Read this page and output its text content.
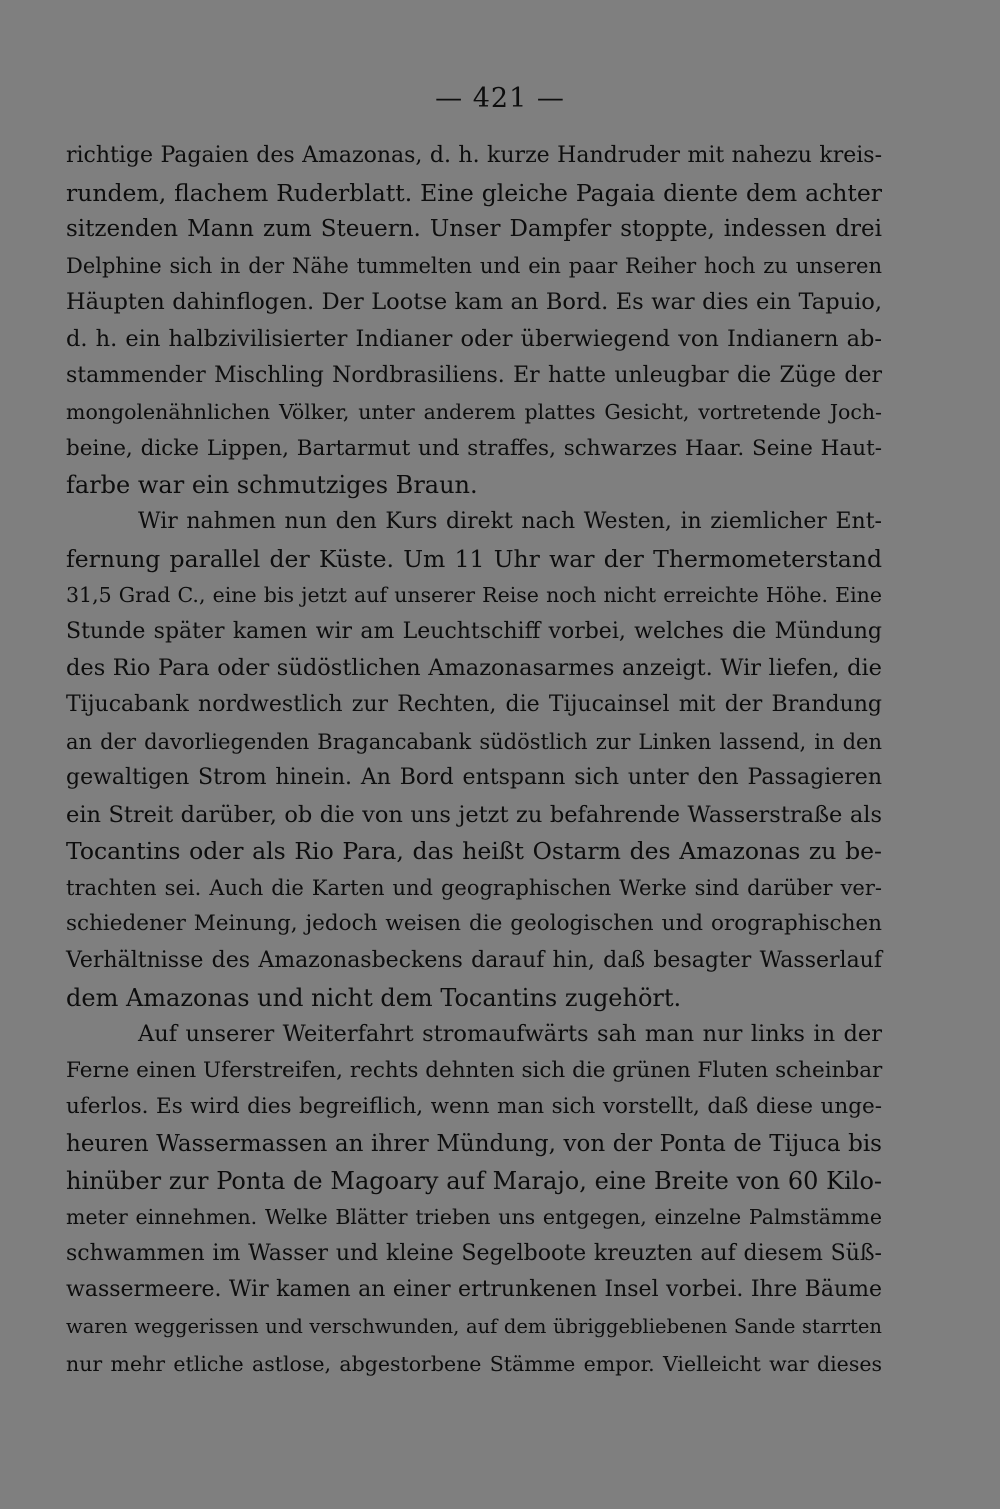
— 421 —
richtige Pagaien des Amazonas, d. h. kurze Handruder mit nahezu kreis-
rundem, flachem Ruderblatt. Eine gleiche Pagaia diente dem achter
sitzenden Mann zum Steuern. Unser Dampfer stoppte, indessen drei
Delphine sich in der Nähe tummelten und ein paar Reiher hoch zu unseren
Häupten dahinflogen. Der Lootse kam an Bord. Es war dies ein Tapuio,
d. h. ein halbzivilisierter Indianer oder überwiegend von Indianern ab-
stammender Mischling Nordbrasiliens. Er hatte unleugbar die Züge der
mongolenähnlichen Völker, unter anderem plattes Gesicht, vortretende Joch-
beine, dicke Lippen, Bartarmut und straffes, schwarzes Haar. Seine Haut-
farbe war ein schmutziges Braun.
Wir nahmen nun den Kurs direkt nach Westen, in ziemlicher Ent-
fernung parallel der Küste. Um 11 Uhr war der Thermometerstand
31,5 Grad C., eine bis jetzt auf unserer Reise noch nicht erreichte Höhe. Eine
Stunde später kamen wir am Leuchtschiff vorbei, welches die Mündung
des Rio Para oder südöstlichen Amazonasarmes anzeigt. Wir liefen, die
Tijucabank nordwestlich zur Rechten, die Tijucainsel mit der Brandung
an der davorliegenden Bragancabank südöstlich zur Linken lassend, in den
gewaltigen Strom hinein. An Bord entspann sich unter den Passagieren
ein Streit darüber, ob die von uns jetzt zu befahrende Wasserstraße als
Tocantins oder als Rio Para, das heißt Ostarm des Amazonas zu be-
trachten sei. Auch die Karten und geographischen Werke sind darüber ver-
schiedener Meinung, jedoch weisen die geologischen und orographischen
Verhältnisse des Amazonasbeckens darauf hin, daß besagter Wasserlauf
dem Amazonas und nicht dem Tocantins zugehört.
Auf unserer Weiterfahrt stromaufwärts sah man nur links in der
Ferne einen Uferstreifen, rechts dehnten sich die grünen Fluten scheinbar
uferlos. Es wird dies begreiflich, wenn man sich vorstellt, daß diese unge-
heuren Wassermassen an ihrer Mündung, von der Ponta de Tijuca bis
hinüber zur Ponta de Magoary auf Marajo, eine Breite von 60 Kilo-
meter einnehmen. Welke Blätter trieben uns entgegen, einzelne Palmstämme
schwammen im Wasser und kleine Segelboote kreuzten auf diesem Süß-
wassermeere. Wir kamen an einer ertrunkenen Insel vorbei. Ihre Bäume
waren weggerissen und verschwunden, auf dem übriggebliebenen Sande starrten
nur mehr etliche astlose, abgestorbene Stämme empor. Vielleicht war dieses
